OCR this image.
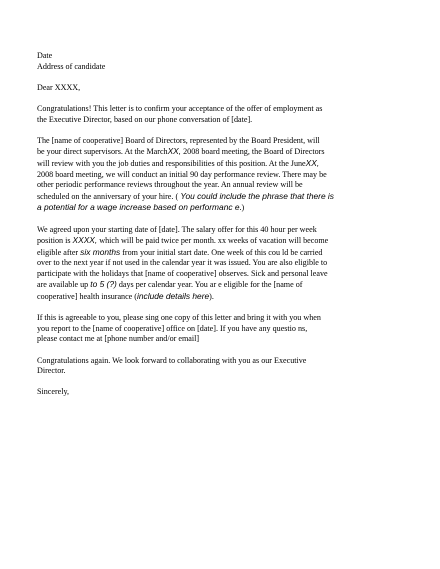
Date
Address of candidate
Dear XXXX,
Congratulations! This letter is to confirm your acceptance of the offer of employment as
the Executive Director, based on our phone conversation of [date].
The [name of cooperative] Board of Directors, represented by the Board President, will
be your direct supervisors. At the MarchXX, 2008 board meeting, the Board of Directors
will review with you the job duties and responsibilities of this position. At the JuneXX,
2008 board meeting, we will conduct an initial 90 day performance review. There may be
other periodic performance reviews throughout the year. An annual review will be
scheduled on the anniversary of your hire. ( You could include the phrase that there is
a potential for a wage increase based on performanc e.)
We agreed upon your starting date of [date]. The salary offer for this 40 hour per week
position is XXXX, which will be paid twice per month. xx weeks of vacation will become
eligible after six months from your initial start date. One week of this cou ld be carried
over to the next year if not used in the calendar year it was issued. You are also eligible to
participate with the holidays that [name of cooperative] observes. Sick and personal leave
are available up to 5 (?) days per calendar year. You ar e eligible for the [name of
cooperative] health insurance (include details here).
If this is agreeable to you, please sing one copy of this letter and bring it with you when
you report to the [name of cooperative] office on [date]. If you have any questio ns,
please contact me at [phone number and/or email]
Congratulations again. We look forward to collaborating with you as our Executive
Director.
Sincerely,
